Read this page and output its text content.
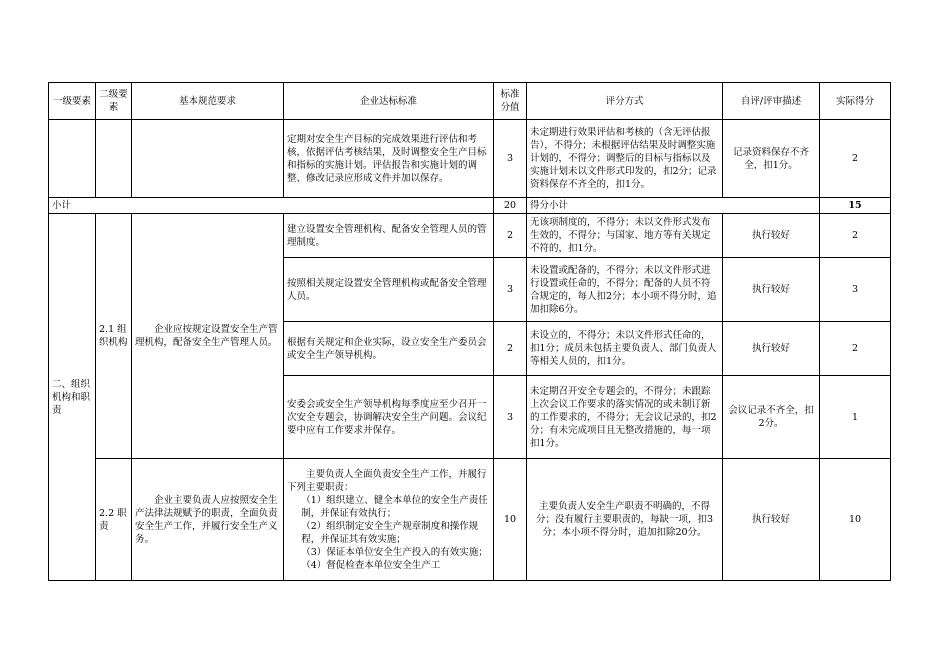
一级要素	二级要素	基本规范要求	企业达标标准	标准分值	评分方式	自评/评审描述	实际得分
			定期对安全生产目标的完成效果进行评估和考核，依据评估考核结果，及时调整安全生产目标和指标的实施计划。评估报告和实施计划的调整、修改记录应形成文件并加以保存。	3	未定期进行效果评估和考核的（含无评估报告），不得分；未根据评估结果及时调整实施计划的，不得分；调整后的目标与指标以及实施计划未以文件形式印发的，扣2分；记录资料保存不齐全的，扣1分。	记录资料保存不齐全，扣1分。	2
小计				20	得分小计		15
二、组织机构和职责	2.1 组织机构	企业应按规定设置安全生产管理机构，配备安全生产管理人员。	建立设置安全管理机构、配备安全管理人员的管理制度。	2	无该项制度的，不得分；未以文件形式发布生效的，不得分；与国家、地方等有关规定不符的，扣1分。	执行较好	2
			按照相关规定设置安全管理机构或配备安全管理人员。	3	未设置或配备的，不得分；未以文件形式进行设置或任命的，不得分；配备的人员不符合规定的，每人扣2分；本小项不得分时，追加扣除6分。	执行较好	3
			根据有关规定和企业实际，设立安全生产委员会或安全生产领导机构。	2	未设立的，不得分；未以文件形式任命的，扣1分；成员未包括主要负责人、部门负责人等相关人员的，扣1分。	执行较好	2
			安委会或安全生产领导机构每季度应至少召开一次安全专题会，协调解决安全生产问题。会议纪要中应有工作要求并保存。	3	未定期召开安全专题会的，不得分；未跟踪上次会议工作要求的落实情况的或未制订新的工作要求的，不得分；无会议记录的，扣2分；有未完成项目且无整改措施的，每一项扣1分。	会议记录不齐全，扣2分。	1
	2.2 职责	企业主要负责人应按照安全生产法律法规赋予的职责，全面负责安全生产工作，并履行安全生产义务。	主要负责人全面负责安全生产工作，并履行下列主要职责：
（1）组织建立、健全本单位的安全生产责任制，并保证有效执行；
（2）组织制定安全生产规章制度和操作规程，并保证其有效实施；
（3）保证本单位安全生产投入的有效实施；
（4）督促检查本单位安全生产工	10	主要负责人安全生产职责不明确的，不得分；没有履行主要职责的，每缺一项，扣3分；本小项不得分时，追加扣除20分。	执行较好	10
